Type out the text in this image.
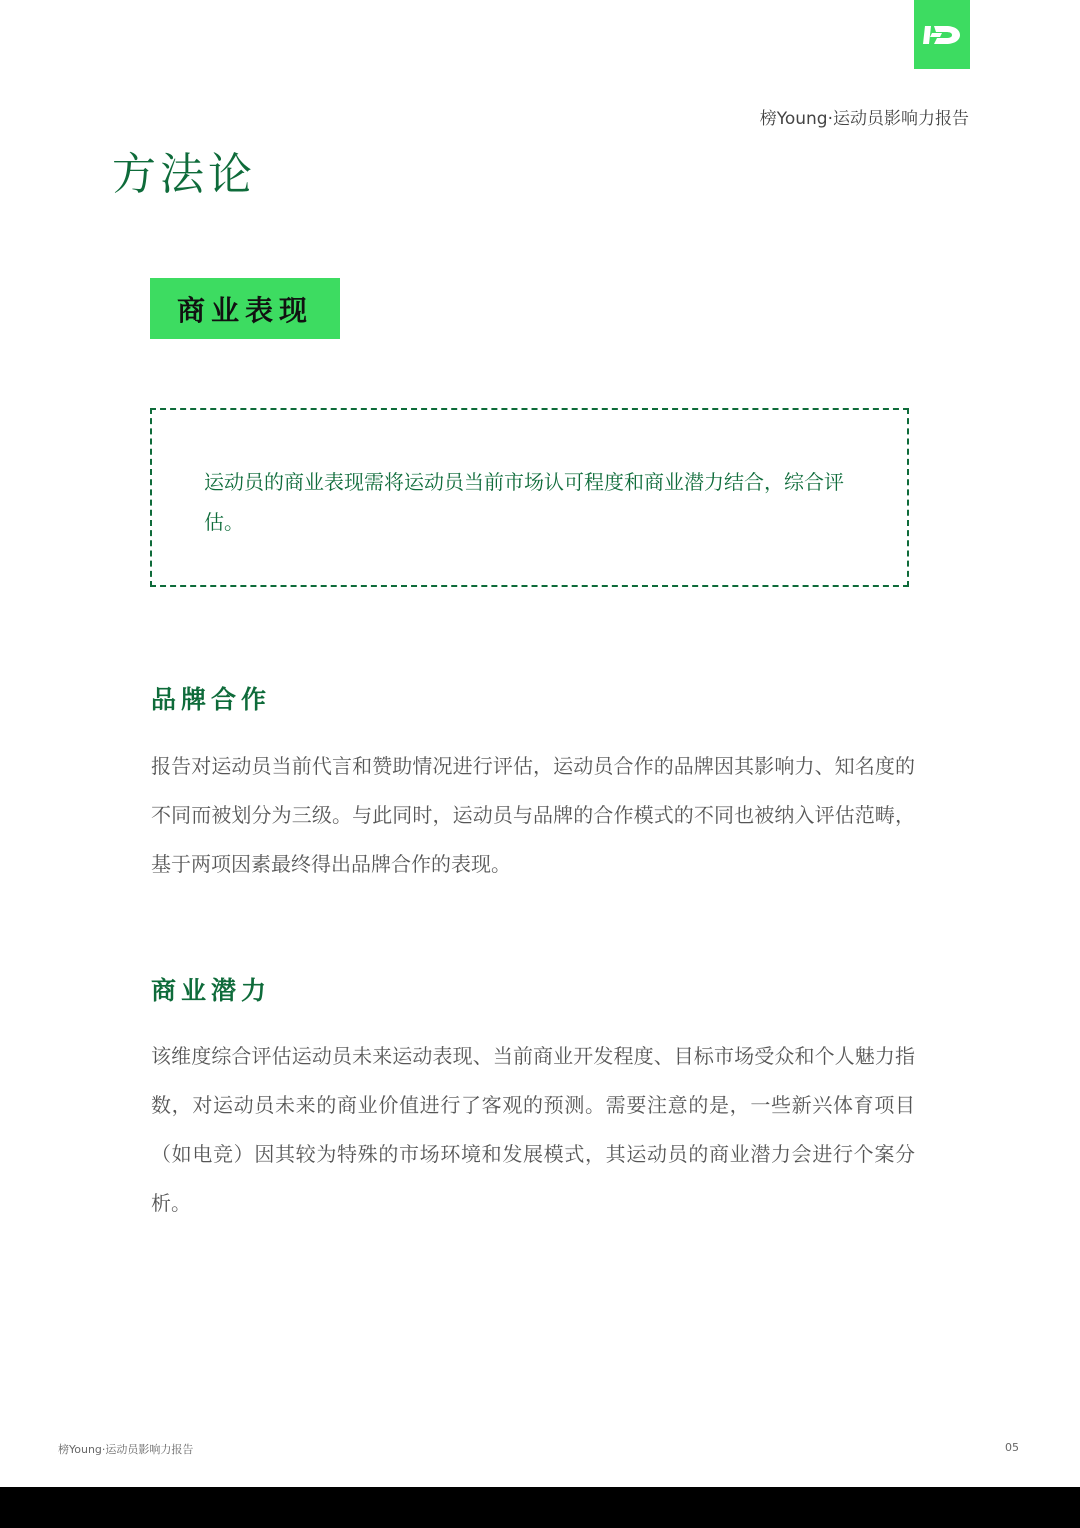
榜Young·运动员影响力报告
方法论
商业表现
运动员的商业表现需将运动员当前市场认可程度和商业潜力结合，综合评估。
品牌合作

报告对运动员当前代言和赞助情况进行评估，运动员合作的品牌因其影响力、知名度的不同而被划分为三级。与此同时，运动员与品牌的合作模式的不同也被纳入评估范畴，基于两项因素最终得出品牌合作的表现。

商业潜力

该维度综合评估运动员未来运动表现、当前商业开发程度、目标市场受众和个人魅力指数，对运动员未来的商业价值进行了客观的预测。需要注意的是，一些新兴体育项目（如电竞）因其较为特殊的市场环境和发展模式，其运动员的商业潜力会进行个案分析。

榜Young·运动员影响力报告	05
